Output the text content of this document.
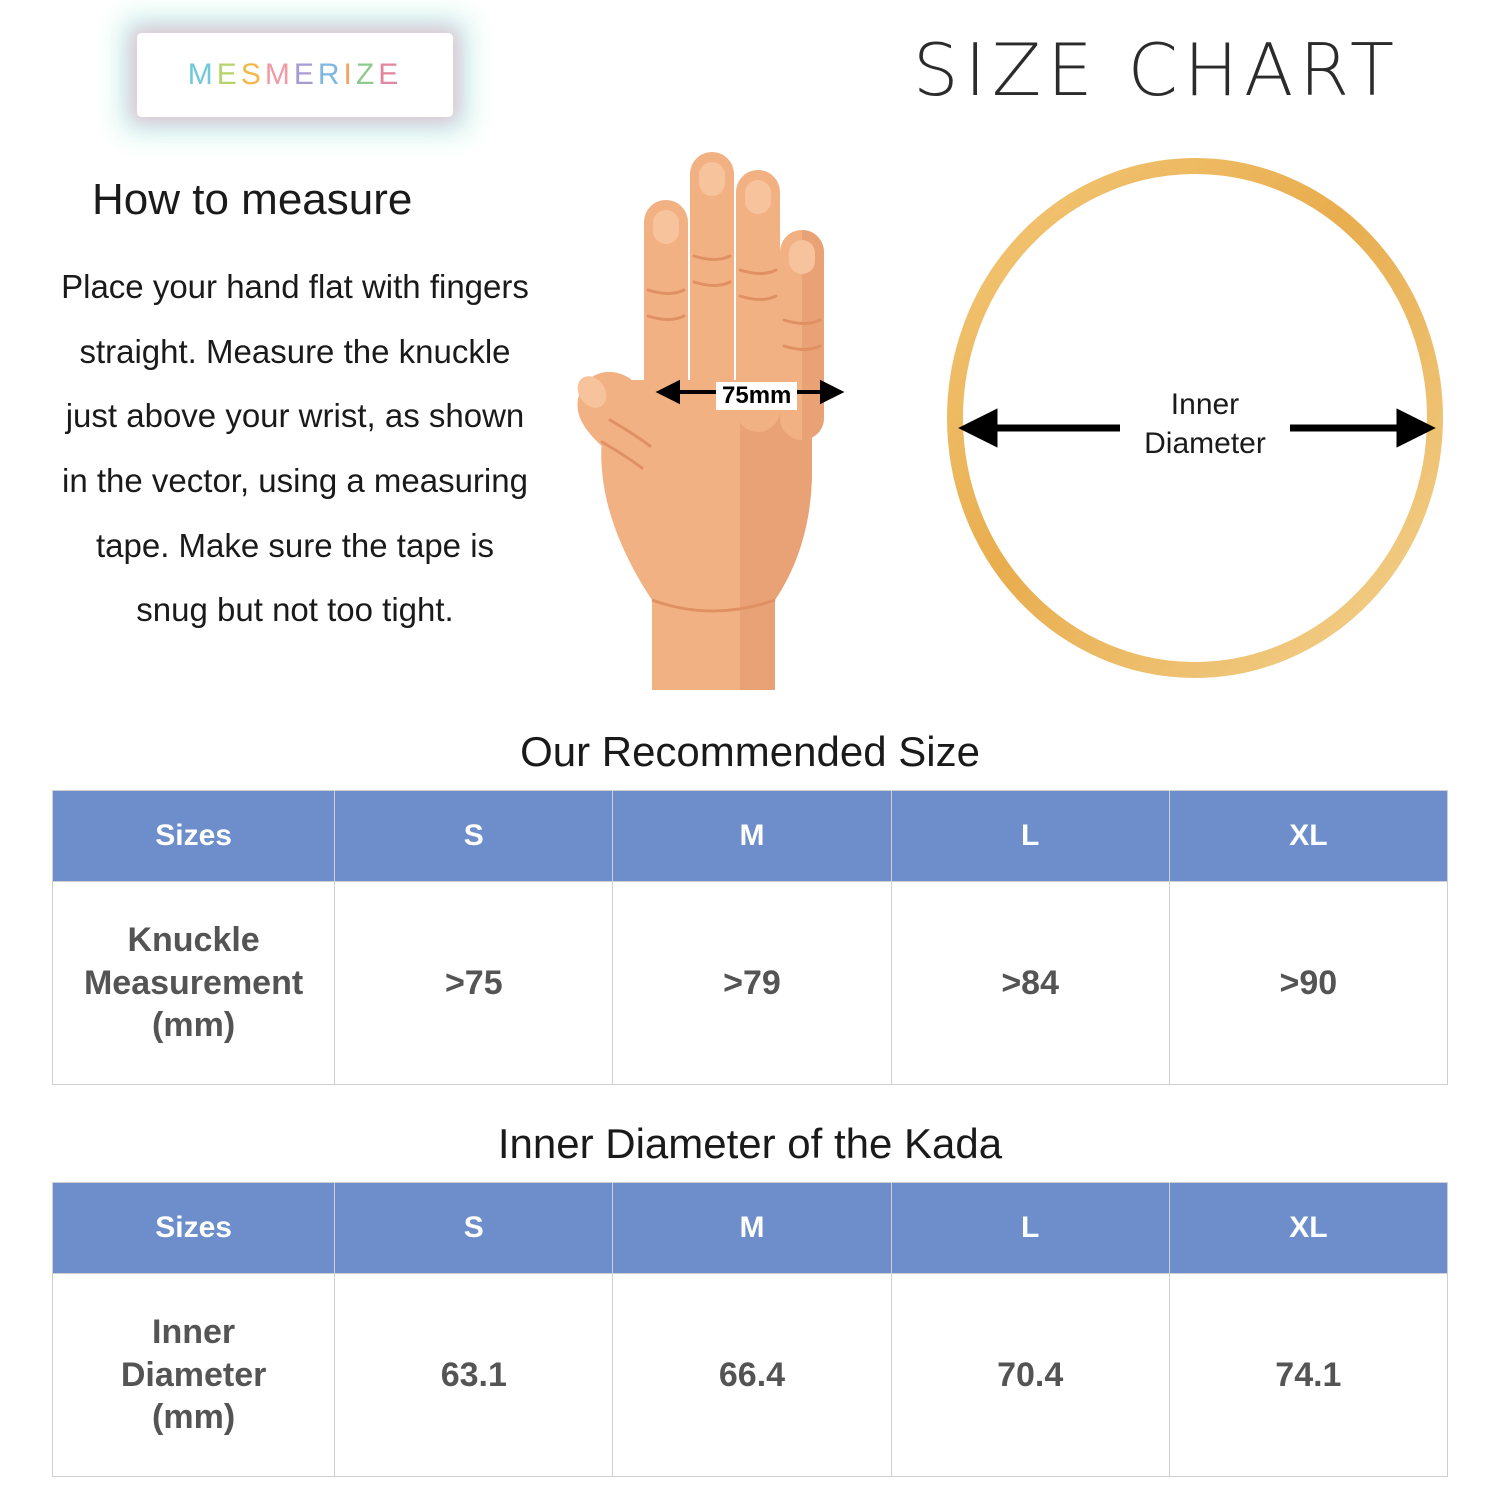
MESMERIZE	SIZE CHART
How to measure
Place your hand flat with fingers straight. Measure the knuckle just above your wrist, as shown in the vector, using a measuring tape. Make sure the tape is snug but not too tight.
75mm	Inner
Diameter
Our Recommended Size
Sizes	S	M	L	XL

Knuckle
Measurement
(mm)	>75	>79	>84	>90
Inner Diameter of the Kada
Sizes	S	M	L	XL

Inner
Diameter
(mm)	63.1	66.4	70.4	74.1
